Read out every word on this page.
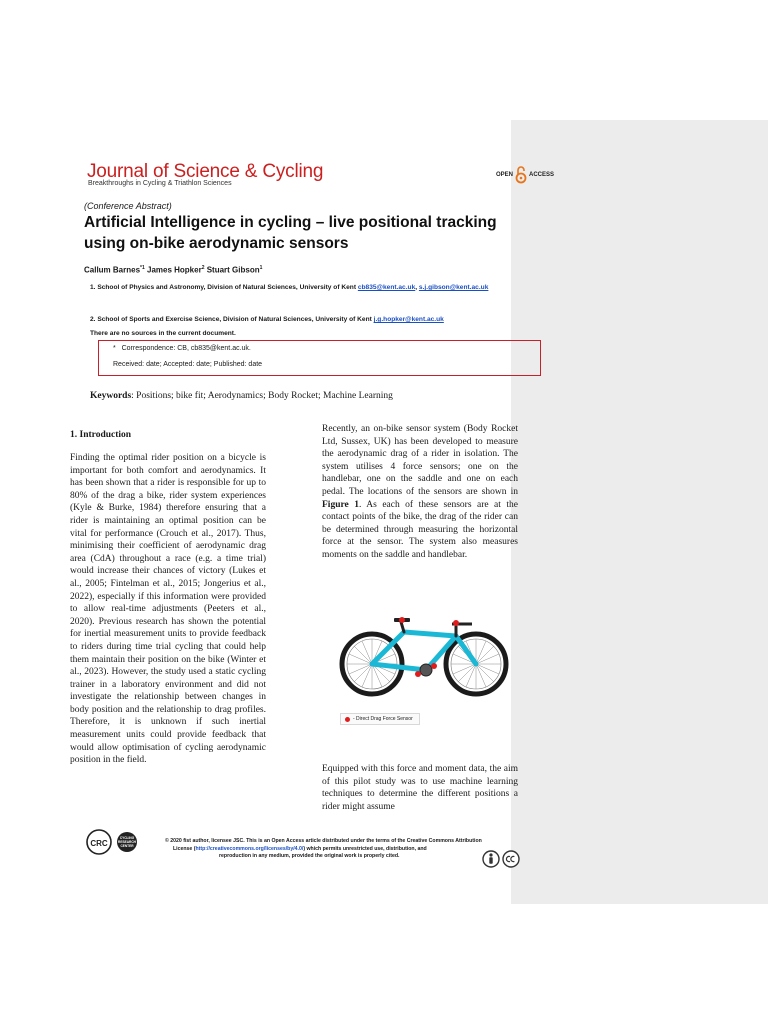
Journal of Science & Cycling
Breakthroughs in Cycling & Triathlon Sciences
OPEN	ACCESS
(Conference Abstract)
Artificial Intelligence in cycling – live positional tracking using on-bike aerodynamic sensors
Callum Barnes$^{*1}$ James Hopker$^2$ Stuart Gibson$^1$
1. School of Physics and Astronomy, Division of Natural Sciences, University of Kent cb835@kent.ac.uk, s.j.gibson@kent.ac.uk
2. School of Sports and Exercise Science, Division of Natural Sciences, University of Kent j.g.hopker@kent.ac.uk
There are no sources in the current document.
* Correspondence: CB, cb835@kent.ac.uk.
Received: date; Accepted: date; Published: date
Keywords: Positions; bike fit; Aerodynamics; Body Rocket; Machine Learning
1. Introduction
Finding the optimal rider position on a bicycle is important for both comfort and aerodynamics. It has been shown that a rider is responsible for up to 80% of the drag a bike, rider system experiences (Kyle & Burke, 1984) therefore ensuring that a rider is maintaining an optimal position can be vital for performance (Crouch et al., 2017). Thus, minimising their coefficient of aerodynamic drag area (CdA) throughout a race (e.g. a time trial) would increase their chances of victory (Lukes et al., 2005; Fintelman et al., 2015; Jongerius et al., 2022), especially if this information were provided to allow real-time adjustments (Peeters et al., 2020). Previous research has shown the potential for inertial measurement units to provide feedback to riders during time trial cycling that could help them maintain their position on the bike (Winter et al., 2023). However, the study used a static cycling trainer in a laboratory environment and did not investigate the relationship between changes in body position and the relationship to drag profiles. Therefore, it is unknown if such inertial measurement units could provide feedback that would allow optimisation of cycling aerodynamic position in the field.
Recently, an on-bike sensor system (Body Rocket Ltd, Sussex, UK) has been developed to measure the aerodynamic drag of a rider in isolation. The system utilises 4 force sensors; one on the handlebar, one on the saddle and one on each pedal. The locations of the sensors are shown in Figure 1. As each of these sensors are at the contact points of the bike, the drag of the rider can be determined through measuring the horizontal force at the sensor. The system also measures moments on the saddle and handlebar.
- Direct Drag Force Sensor
Equipped with this force and moment data, the aim of this pilot study was to use machine learning techniques to determine the different positions a rider might assume
CRC
CYCLING
RESEARCH
CENTER
© 2020 fist author, licensee JSC. This is an Open Access article distributed under the terms of the Creative Commons Attribution
License (http://creativecommons.org/licenses/by/4.0/) which permits unrestricted use, distribution, and
reproduction in any medium, provided the original work is properly cited.
